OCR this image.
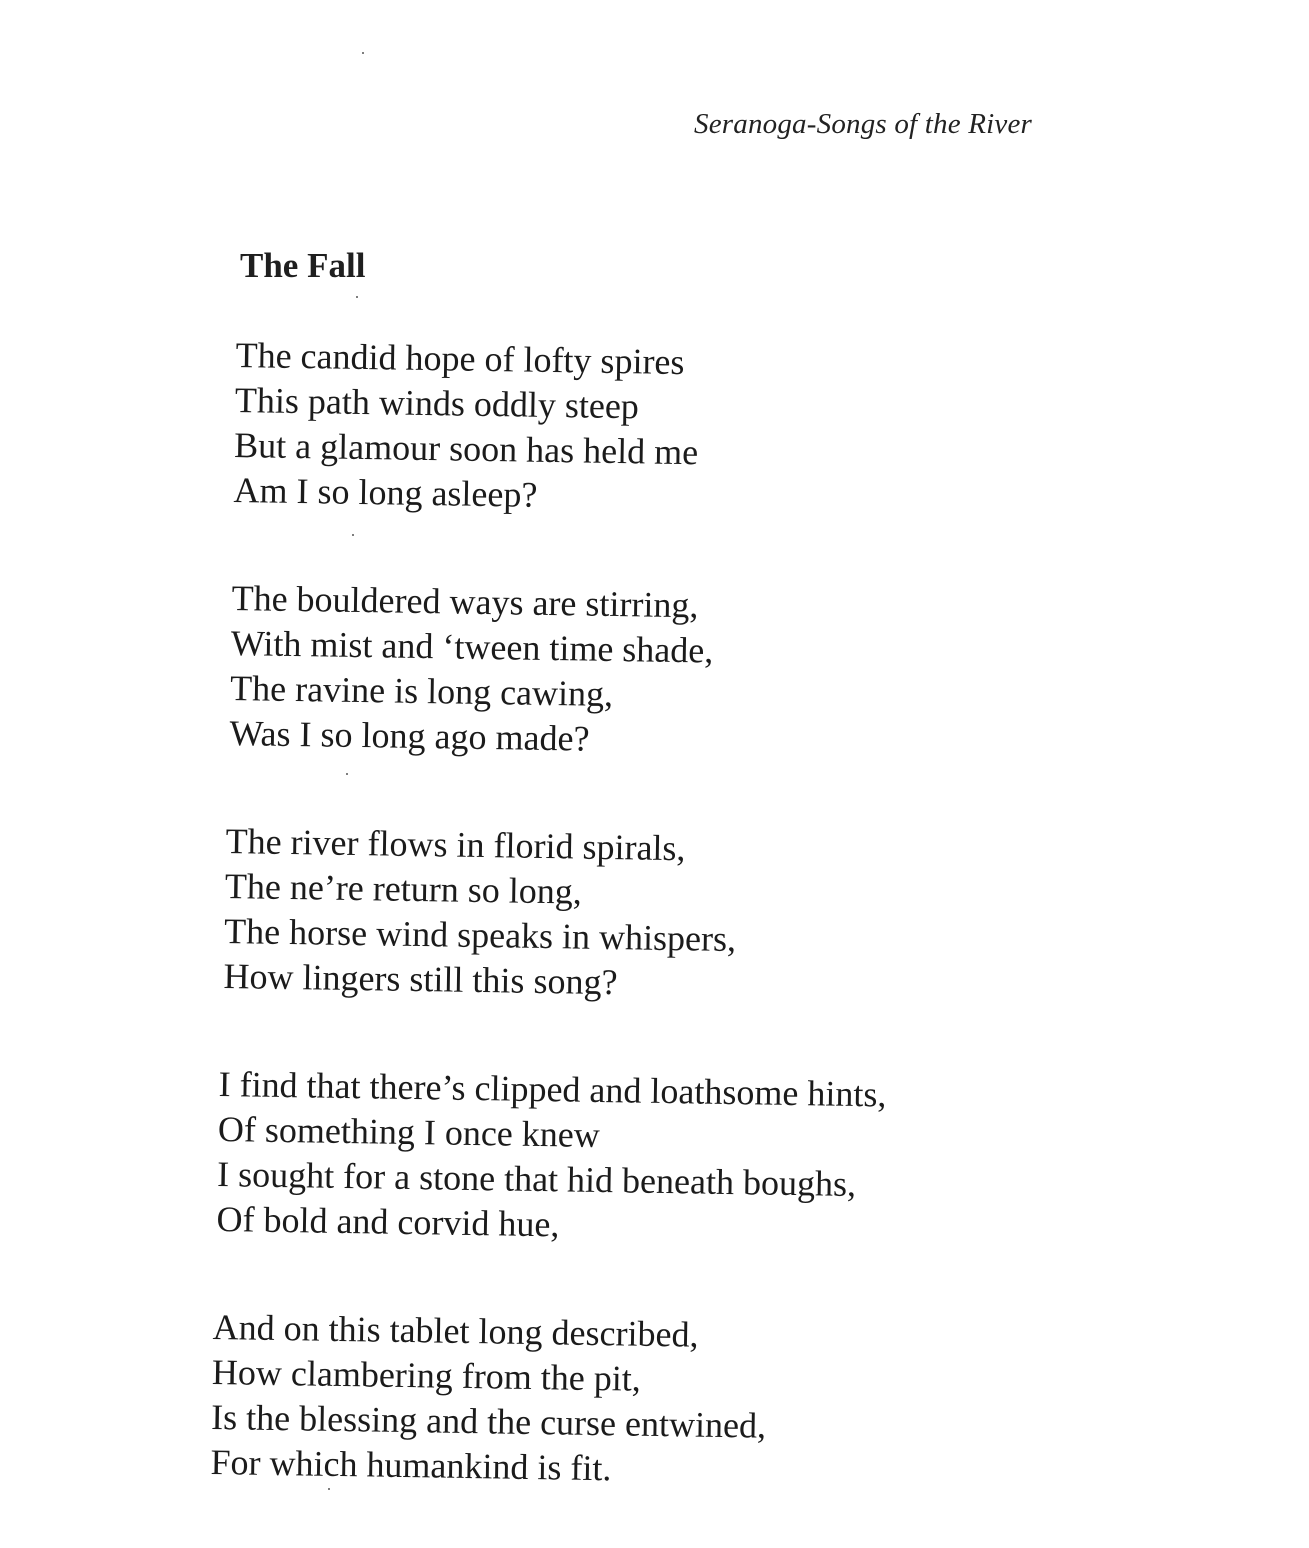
Seranoga-Songs of the River
The Fall
The candid hope of lofty spires
This path winds oddly steep
But a glamour soon has held me
Am I so long asleep?
The bouldered ways are stirring,
With mist and ‘tween time shade,
The ravine is long cawing,
Was I so long ago made?
The river flows in florid spirals,
The ne’re return so long,
The horse wind speaks in whispers,
How lingers still this song?
I find that there’s clipped and loathsome hints,
Of something I once knew
I sought for a stone that hid beneath boughs,
Of bold and corvid hue,
And on this tablet long described,
How clambering from the pit,
Is the blessing and the curse entwined,
For which humankind is fit.
